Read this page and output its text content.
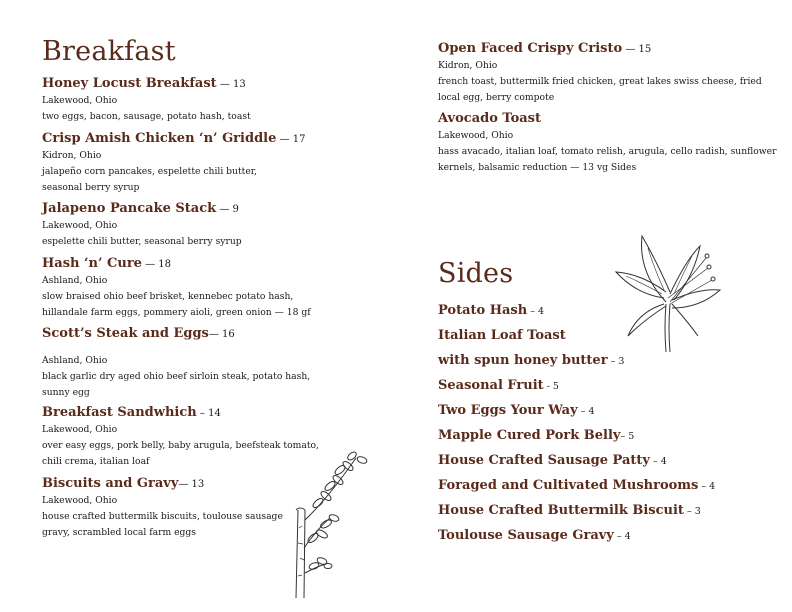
Breakfast
Honey Locust Breakfast — 13
Lakewood, Ohio
two eggs, bacon, sausage, potato hash, toast
Crisp Amish Chicken ‘n’ Griddle — 17
Kidron, Ohio
jalapeño corn pancakes, espelette chili butter,
seasonal berry syrup
Jalapeno Pancake Stack — 9
Lakewood, Ohio
espelette chili butter, seasonal berry syrup
Hash ‘n’ Cure — 18
Ashland, Ohio
slow braised ohio beef brisket, kennebec potato hash,
hillandale farm eggs, pommery aioli, green onion — 18 gf
Scott’s Steak and Eggs— 16
Ashland, Ohio
black garlic dry aged ohio beef sirloin steak, potato hash,
sunny egg
Breakfast Sandwhich – 14
Lakewood, Ohio
over easy eggs, pork belly, baby arugula, beefsteak tomato,
chili crema, italian loaf
Biscuits and Gravy— 13
Lakewood, Ohio
house crafted buttermilk biscuits, toulouse sausage
gravy, scrambled local farm eggs
Open Faced Crispy Cristo — 15
Kidron, Ohio
french toast, buttermilk fried chicken, great lakes swiss cheese, fried
local egg, berry compote
Avocado Toast
Lakewood, Ohio
hass avacado, italian loaf, tomato relish, arugula, cello radish, sunflower
kernels, balsamic reduction — 13 vg Sides
Sides
Potato Hash – 4
Italian Loaf Toast
with spun honey butter – 3
Seasonal Fruit - 5
Two Eggs Your Way – 4
Mapple Cured Pork Belly– 5
House Crafted Sausage Patty – 4
Foraged and Cultivated Mushrooms – 4
House Crafted Buttermilk Biscuit – 3
Toulouse Sausage Gravy – 4
